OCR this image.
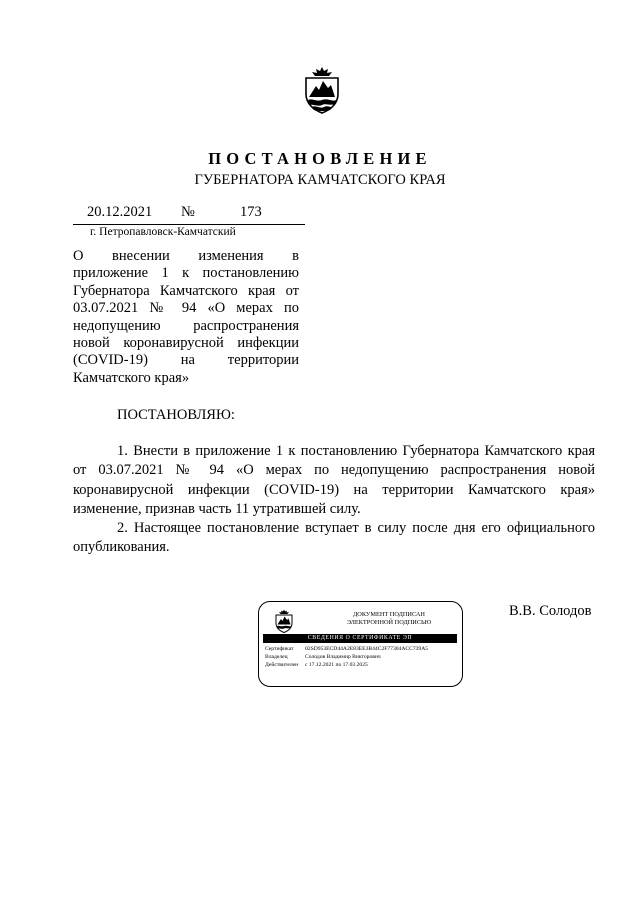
ПОСТАНОВЛЕНИЕ
ГУБЕРНАТОРА КАМЧАТСКОГО КРАЯ
20.12.2021 №	173
г. Петропавловск-Камчатский
О внесении изменения в приложение 1 к постановлению Губернатора Камчатского края от 03.07.2021 № 94 «О мерах по недопущению распространения новой коронавирусной инфекции (COVID-19) на территории Камчатского края»
ПОСТАНОВЛЯЮ:

1. Внести в приложение 1 к постановлению Губернатора Камчатского края от 03.07.2021 № 94 «О мерах по недопущению распространения новой коронавирусной инфекции (COVID-19) на территории Камчатского края» изменение, признав часть 11 утратившей силу.

2. Настоящее постановление вступает в силу после дня его официального опубликования.

ДОКУМЕНТ ПОДПИСАН
ЭЛЕКТРОННОЙ ПОДПИСЬЮ
СВЕДЕНИЯ О СЕРТИФИКАТЕ ЭП
Сертификат	02SD953ECD44A2E83EE3B44C2F77304ACC739A5
Владелец	Солодов Владимир Викторович
Действителен	с 17.12.2021 по 17.03.2025
В.В. Солодов
